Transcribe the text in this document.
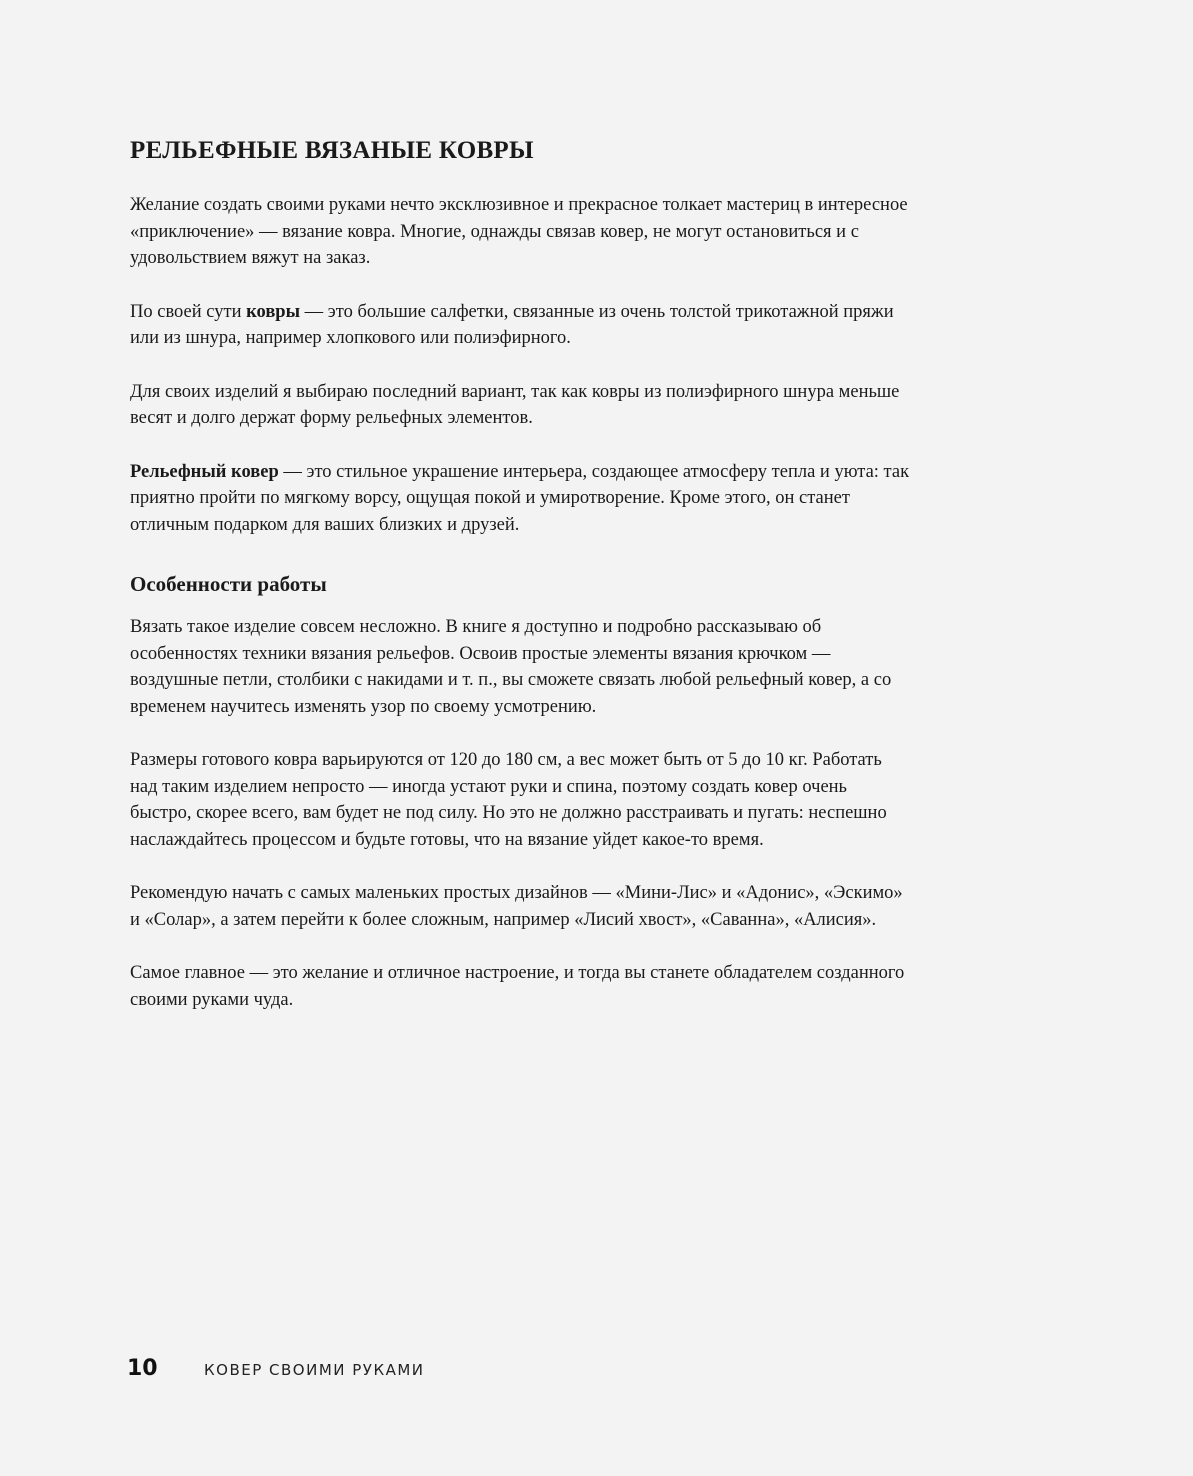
РЕЛЬЕФНЫЕ ВЯЗАНЫЕ КОВРЫ

Желание создать своими руками нечто эксклюзивное и прекрасное толкает мастериц в интересное «приключение» — вязание ковра. Многие, однажды связав ковер, не могут остановиться и с удовольствием вяжут на заказ.

По своей сути ковры — это большие салфетки, связанные из очень толстой трикотажной пряжи или из шнура, например хлопкового или полиэфирного.

Для своих изделий я выбираю последний вариант, так как ковры из полиэфирного шнура меньше весят и долго держат форму рельефных элементов.

Рельефный ковер — это стильное украшение интерьера, создающее атмосферу тепла и уюта: так приятно пройти по мягкому ворсу, ощущая покой и умиротворение. Кроме этого, он станет отличным подарком для ваших близких и друзей.

Особенности работы

Вязать такое изделие совсем несложно. В книге я доступно и подробно рассказываю об особенностях техники вязания рельефов. Освоив простые элементы вязания крючком — воздушные петли, столбики с накидами и т. п., вы сможете связать любой рельефный ковер, а со временем научитесь изменять узор по своему усмотрению.

Размеры готового ковра варьируются от 120 до 180 см, а вес может быть от 5 до 10 кг. Работать над таким изделием непросто — иногда устают руки и спина, поэтому создать ковер очень быстро, скорее всего, вам будет не под силу. Но это не должно расстраивать и пугать: неспешно наслаждайтесь процессом и будьте готовы, что на вязание уйдет какое-то время.

Рекомендую начать с самых маленьких простых дизайнов — «Мини-Лис» и «Адонис», «Эскимо» и «Солар», а затем перейти к более сложным, например «Лисий хвост», «Саванна», «Алисия».

Самое главное — это желание и отличное настроение, и тогда вы станете обладателем созданного своими руками чуда.

10	КОВЕР СВОИМИ РУКАМИ
